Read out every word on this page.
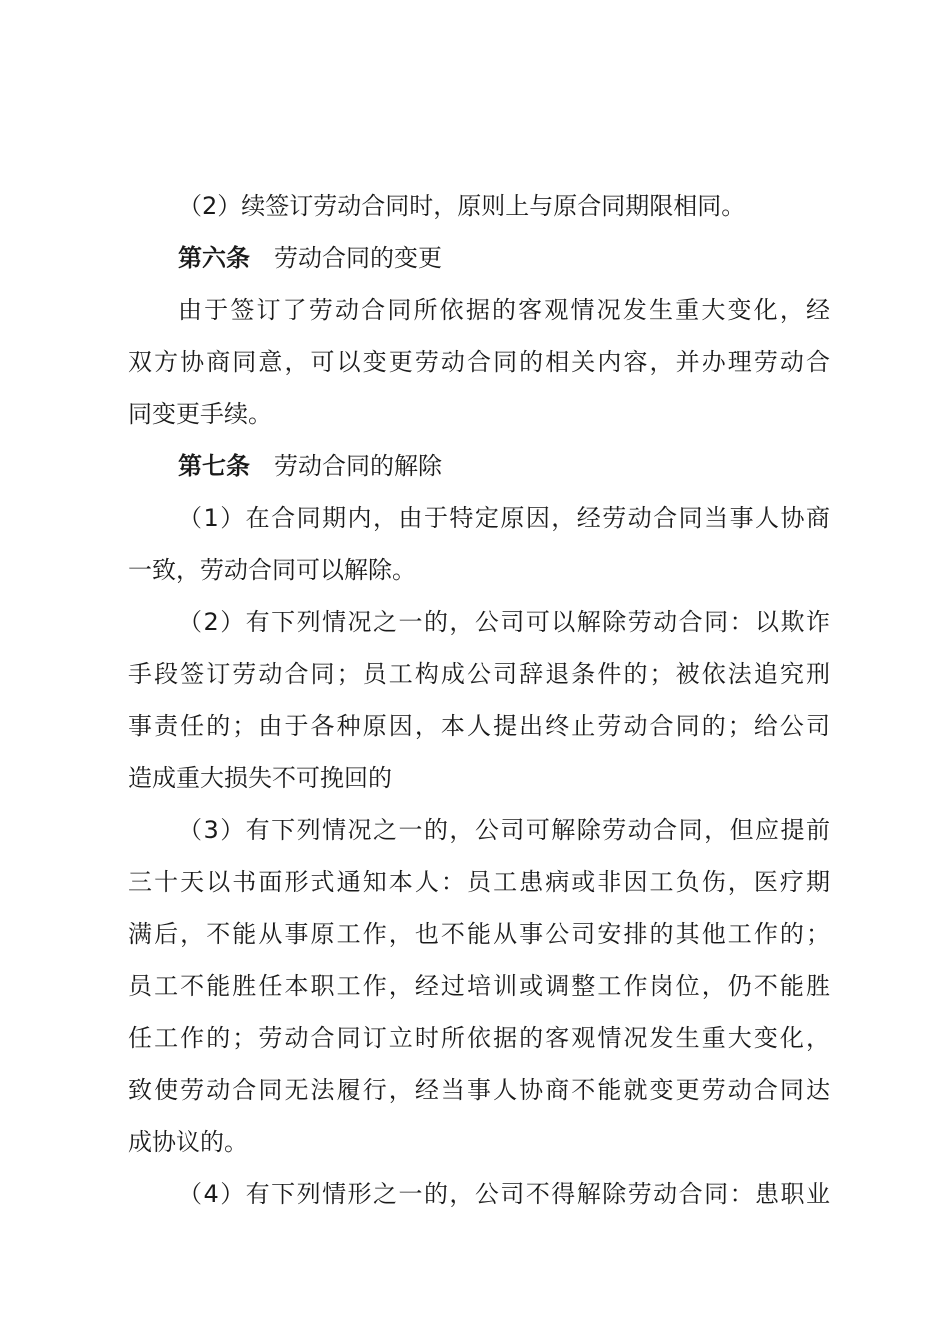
（2）续签订劳动合同时，原则上与原合同期限相同。
第六条 劳动合同的变更
由于签订了劳动合同所依据的客观情况发生重大变化，经
双方协商同意，可以变更劳动合同的相关内容，并办理劳动合
同变更手续。
第七条 劳动合同的解除
（1）在合同期内，由于特定原因，经劳动合同当事人协商
一致，劳动合同可以解除。
（2）有下列情况之一的，公司可以解除劳动合同：以欺诈
手段签订劳动合同；员工构成公司辞退条件的；被依法追究刑
事责任的；由于各种原因，本人提出终止劳动合同的；给公司
造成重大损失不可挽回的
（3）有下列情况之一的，公司可解除劳动合同，但应提前
三十天以书面形式通知本人：员工患病或非因工负伤，医疗期
满后，不能从事原工作，也不能从事公司安排的其他工作的；
员工不能胜任本职工作，经过培训或调整工作岗位，仍不能胜
任工作的；劳动合同订立时所依据的客观情况发生重大变化，
致使劳动合同无法履行，经当事人协商不能就变更劳动合同达
成协议的。
（4）有下列情形之一的，公司不得解除劳动合同：患职业
